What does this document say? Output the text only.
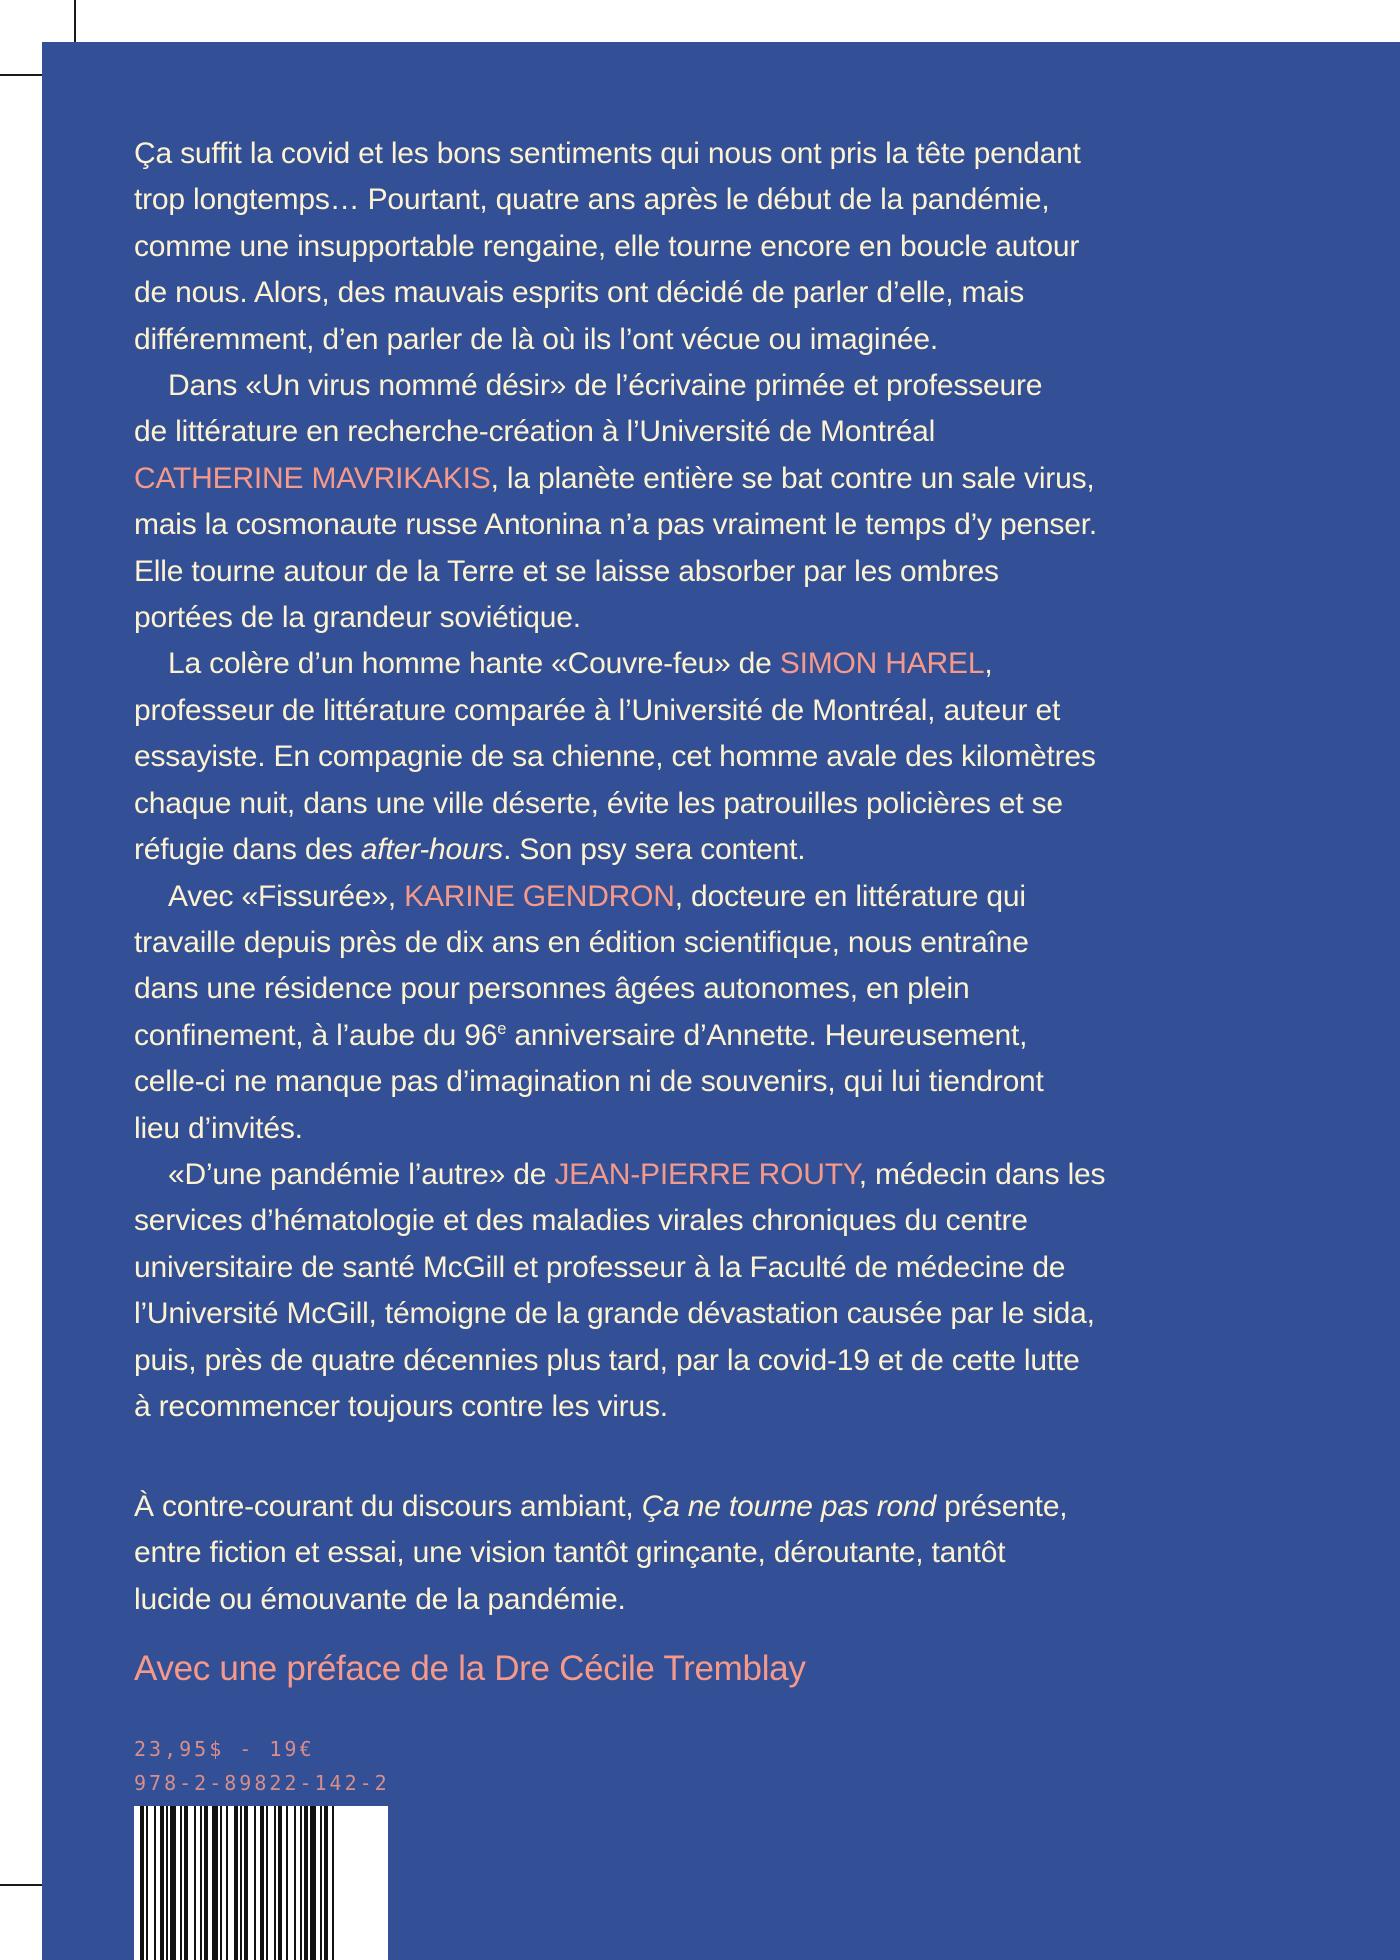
Ça suffit la covid et les bons sentiments qui nous ont pris la tête pendant

trop longtemps… Pourtant, quatre ans après le début de la pandémie,

comme une insupportable rengaine, elle tourne encore en boucle autour

de nous. Alors, des mauvais esprits ont décidé de parler d’elle, mais

différemment, d’en parler de là où ils l’ont vécue ou imaginée.

Dans «Un virus nommé désir» de l’écrivaine primée et professeure

de littérature en recherche-création à l’Université de Montréal

CATHERINE MAVRIKAKIS, la planète entière se bat contre un sale virus,

mais la cosmonaute russe Antonina n’a pas vraiment le temps d’y penser.

Elle tourne autour de la Terre et se laisse absorber par les ombres

portées de la grandeur soviétique.

La colère d’un homme hante «Couvre-feu» de SIMON HAREL,

professeur de littérature comparée à l’Université de Montréal, auteur et

essayiste. En compagnie de sa chienne, cet homme avale des kilomètres

chaque nuit, dans une ville déserte, évite les patrouilles policières et se

réfugie dans des after-hours. Son psy sera content.

Avec «Fissurée», KARINE GENDRON, docteure en littérature qui

travaille depuis près de dix ans en édition scientifique, nous entraîne

dans une résidence pour personnes âgées autonomes, en plein

confinement, à l’aube du 96e anniversaire d’Annette. Heureusement,

celle-ci ne manque pas d’imagination ni de souvenirs, qui lui tiendront

lieu d’invités.

«D’une pandémie l’autre» de JEAN-PIERRE ROUTY, médecin dans les

services d’hématologie et des maladies virales chroniques du centre

universitaire de santé McGill et professeur à la Faculté de médecine de

l’Université McGill, témoigne de la grande dévastation causée par le sida,

puis, près de quatre décennies plus tard, par la covid-19 et de cette lutte

à recommencer toujours contre les virus.

À contre-courant du discours ambiant, Ça ne tourne pas rond présente,

entre fiction et essai, une vision tantôt grinçante, déroutante, tantôt

lucide ou émouvante de la pandémie.

Avec une préface de la Dre Cécile Tremblay
23,95$ - 19€
978-2-89822-142-2
